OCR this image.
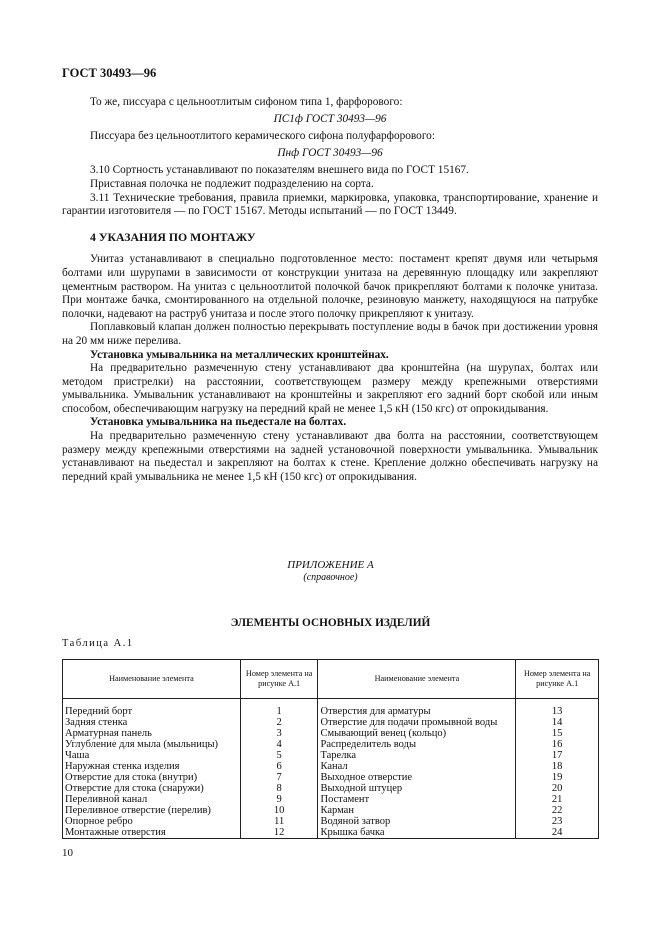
ГОСТ 30493—96

То же, писсуара с цельноотлитым сифоном типа 1, фарфорового:

ПС1ф ГОСТ 30493—96

Писсуара без цельноотлитого керамического сифона полуфарфорового:

Пнф ГОСТ 30493—96

3.10 Сортность устанавливают по показателям внешнего вида по ГОСТ 15167.

Приставная полочка не подлежит подразделению на сорта.

3.11 Технические требования, правила приемки, маркировка, упаковка, транспортирование, хранение и гарантии изготовителя — по ГОСТ 15167. Методы испытаний — по ГОСТ 13449.

4 УКАЗАНИЯ ПО МОНТАЖУ

Унитаз устанавливают в специально подготовленное место: постамент крепят двумя или четырьмя болтами или шурупами в зависимости от конструкции унитаза на деревянную площадку или закрепляют цементным раствором. На унитаз с цельноотлитой полочкой бачок прикрепляют болтами к полочке унитаза. При монтаже бачка, смонтированного на отдельной полочке, резиновую манжету, находящуюся на патрубке полочки, надевают на раструб унитаза и после этого полочку прикрепляют к унитазу.

Поплавковый клапан должен полностью перекрывать поступление воды в бачок при достижении уровня на 20 мм ниже перелива.

Установка умывальника на металлических кронштейнах.

На предварительно размеченную стену устанавливают два кронштейна (на шурупах, болтах или методом пристрелки) на расстоянии, соответствующем размеру между крепежными отверстиями умывальника. Умывальник устанавливают на кронштейны и закрепляют его задний борт скобой или иным способом, обеспечивающим нагрузку на передний край не менее 1,5 кН (150 кгс) от опрокидывания.

Установка умывальника на пьедестале на болтах.

На предварительно размеченную стену устанавливают два болта на расстоянии, соответствующем размеру между крепежными отверстиями на задней установочной поверхности умывальника. Умывальник устанавливают на пьедестал и закрепляют на болтах к стене. Крепление должно обеспечивать нагрузку на передний край умывальника не менее 1,5 кН (150 кгс) от опрокидывания.

ПРИЛОЖЕНИЕ А
(справочное)
ЭЛЕМЕНТЫ ОСНОВНЫХ ИЗДЕЛИЙ
Таблица А.1
Наименование элемента	Номер элемента на рисунке А.1	Наименование элемента	Номер элемента на рисунке А.1
Передний борт	1	Отверстия для арматуры	13
Задняя стенка	2	Отверстие для подачи промывной воды	14
Арматурная панель	3	Смывающий венец (кольцо)	15
Углубление для мыла (мыльницы)	4	Распределитель воды	16
Чаша	5	Тарелка	17
Наружная стенка изделия	6	Канал	18
Отверстие для стока (внутри)	7	Выходное отверстие	19
Отверстие для стока (снаружи)	8	Выходной штуцер	20
Переливной канал	9	Постамент	21
Переливное отверстие (перелив)	10	Карман	22
Опорное ребро	11	Водяной затвор	23
Монтажные отверстия	12	Крышка бачка	24
10
